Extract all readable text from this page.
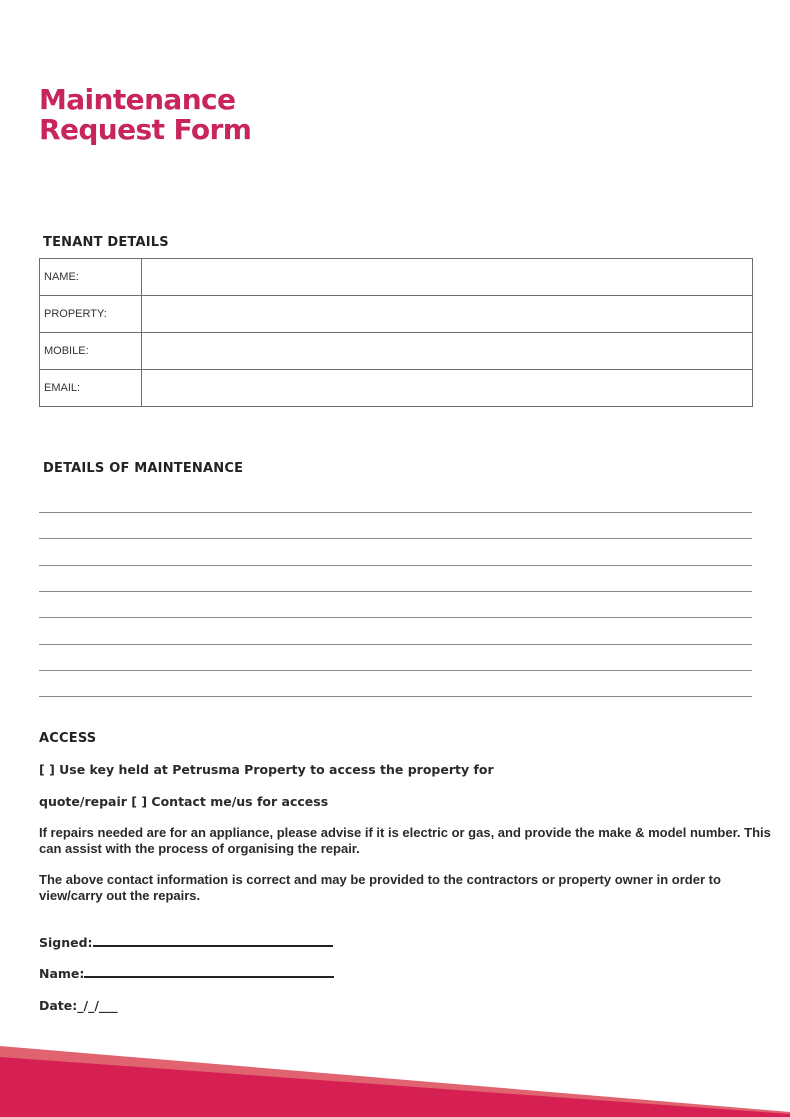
Maintenance
Request Form
TENANT DETAILS
NAME:	
PROPERTY:	
MOBILE:	
EMAIL:	
DETAILS OF MAINTENANCE
ACCESS

[ ] Use key held at Petrusma Property to access the property for

quote/repair [ ] Contact me/us for access

If repairs needed are for an appliance, please advise if it is electric or gas, and provide the make & model number. This can assist with the process of organising the repair.

The above contact information is correct and may be provided to the contractors or property owner in order to view/carry out the repairs.

Signed:
Name:
Date:_/_/___
